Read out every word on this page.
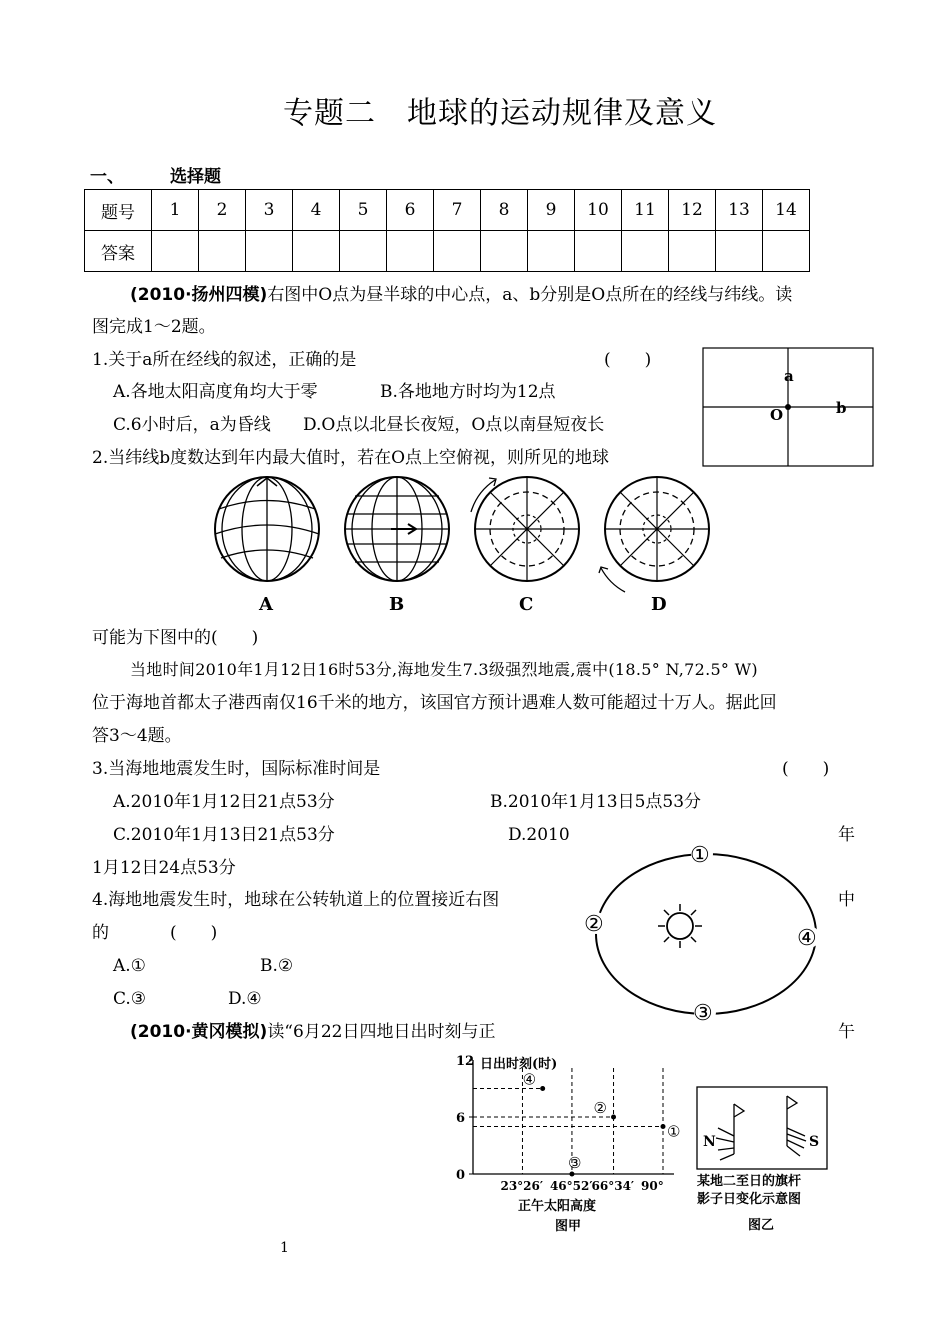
专题二　地球的运动规律及意义
一、	选择题
题号	1	2	3	4	5	6	7	8	9	10	11	12	13	14
答案														
(2010·扬州四模)右图中O点为昼半球的中心点，a、b分别是O点所在的经线与纬线。读
图完成1～2题。
1.关于a所在经线的叙述，正确的是	(　　)
A.各地太阳高度角均大于零	B.各地地方时均为12点
C.6小时后，a为昏线 D.O点以北昼长夜短，O点以南昼短夜长
a
b
O
2.当纬线b度数达到年内最大值时，若在O点上空俯视，则所见的地球
A	B	C	D
可能为下图中的(　　)
当地时间2010年1月12日16时53分,海地发生7.3级强烈地震,震中(18.5° N,72.5° W)
位于海地首都太子港西南仅16千米的地方，该国官方预计遇难人数可能超过十万人。据此回
答3～4题。
3.当海地地震发生时，国际标准时间是	(　　)
A.2010年1月12日21点53分	B.2010年1月13日5点53分
C.2010年1月13日21点53分	D.2010	年
1月12日24点53分
4.海地地震发生时，地球在公转轨道上的位置接近右图	中
的	(　　)
A.①	B.②
C.③	D.④
①
②
③
④
(2010·黄冈模拟)读“6月22日四地日出时刻与正	午
日出时刻(时)
正午太阳高度
图甲
12
6
0
23°26′ 46°52′ 66°34′ 90°
①
②
③
④
N	S
某地二至日的旗杆
影子日变化示意图
图乙
1
